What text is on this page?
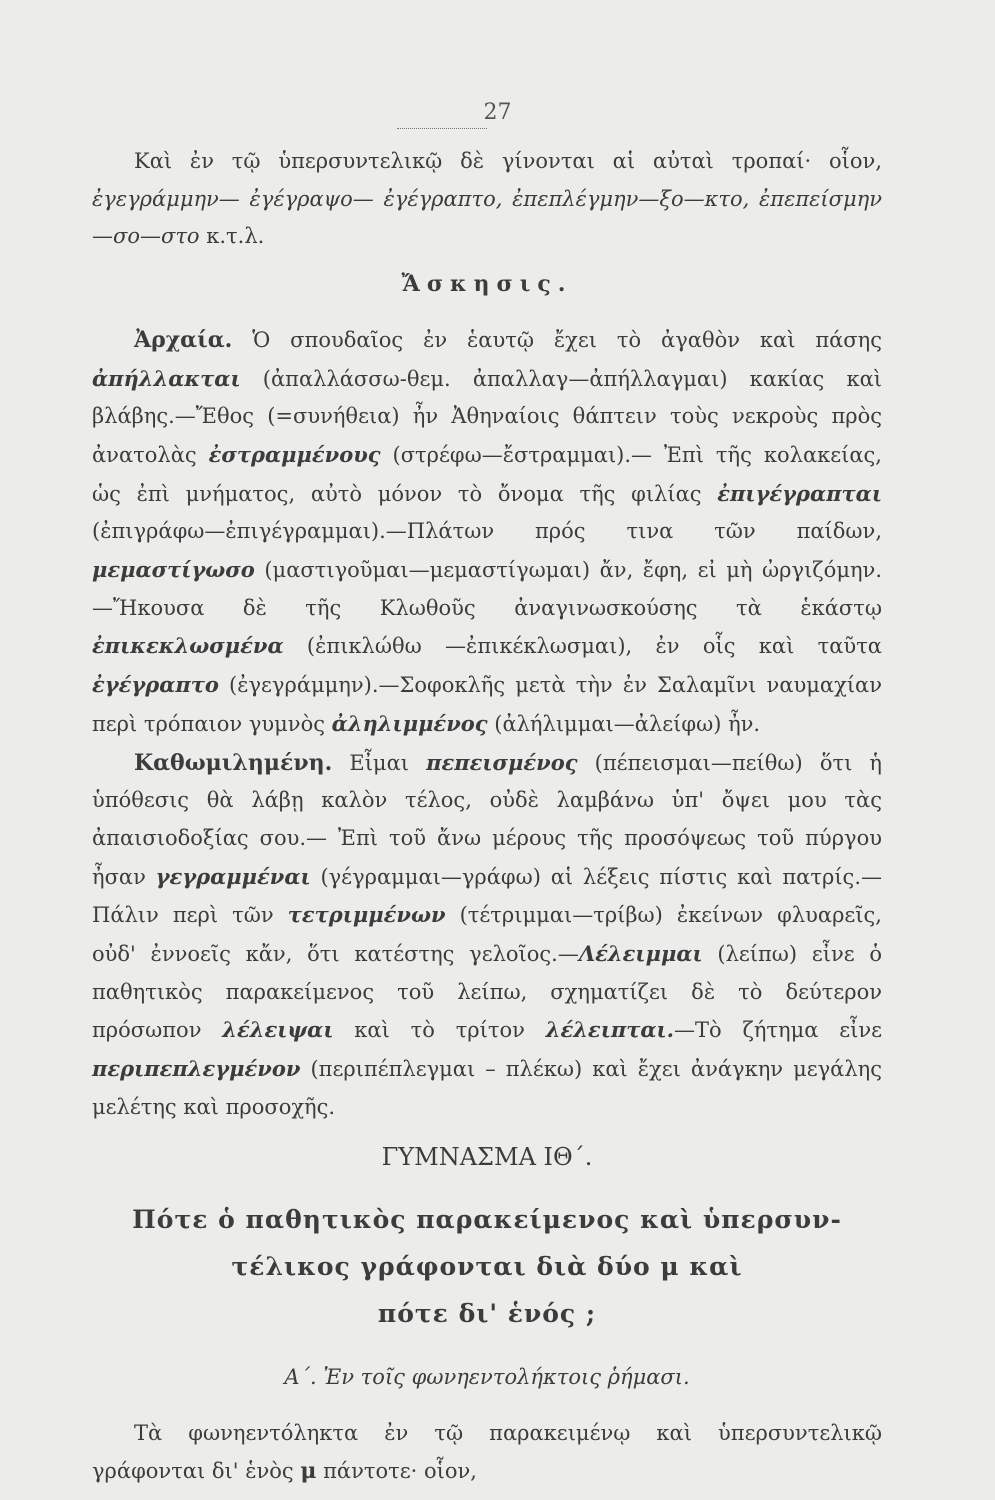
27

Καὶ ἐν τῷ ὑπερσυντελικῷ δὲ γίνονται αἱ αὐταὶ τροπαί· οἷον, ἐγεγράμμην— ἐγέγραψο— ἐγέγραπτο, ἐπεπλέγμην—ξο—κτο, ἐπεπείσμην —σο—στο κ.τ.λ.

Ἄσκησις.

Ἀρχαία. Ὁ σπουδαῖος ἐν ἑαυτῷ ἔχει τὸ ἀγαθὸν καὶ πάσης ἀπήλλακται (ἀπαλλάσσω-θεμ. ἀπαλλαγ—ἀπήλλαγμαι) κακίας καὶ βλάβης.—Ἔθος (=συνήθεια) ἦν Ἀθηναίοις θάπτειν τοὺς νεκροὺς πρὸς ἀνατολὰς ἐστραμμένους (στρέφω—ἔστραμμαι).— Ἐπὶ τῆς κολακείας, ὡς ἐπὶ μνήματος, αὐτὸ μόνον τὸ ὄνομα τῆς φιλίας ἐπιγέγραπται (ἐπιγράφω—ἐπιγέγραμμαι).—Πλάτων πρός τινα τῶν παίδων, μεμαστίγωσο (μαστιγοῦμαι—μεμαστίγωμαι) ἄν, ἔφη, εἰ μὴ ὠργιζόμην.—Ἤκουσα δὲ τῆς Κλωθοῦς ἀναγινωσκούσης τὰ ἑκάστῳ ἐπικεκλωσμένα (ἐπικλώθω —ἐπικέκλωσμαι), ἐν οἷς καὶ ταῦτα ἐγέγραπτο (ἐγεγράμμην).—Σοφοκλῆς μετὰ τὴν ἐν Σαλαμῖνι ναυμαχίαν περὶ τρόπαιον γυμνὸς ἀληλιμμένος (ἀλήλιμμαι—ἀλείφω) ἦν.

Καθωμιλημένη. Εἶμαι πεπεισμένος (πέπεισμαι—πείθω) ὅτι ἡ ὑπόθεσις θὰ λάβῃ καλὸν τέλος, οὐδὲ λαμβάνω ὑπ' ὄψει μου τὰς ἀπαισιοδοξίας σου.— Ἐπὶ τοῦ ἄνω μέρους τῆς προσόψεως τοῦ πύργου ἦσαν γεγραμμέναι (γέγραμμαι—γράφω) αἱ λέξεις πίστις καὶ πατρίς.—Πάλιν περὶ τῶν τετριμμένων (τέτριμμαι—τρίβω) ἐκείνων φλυαρεῖς, οὐδ' ἐννοεῖς κἄν, ὅτι κατέστης γελοῖος.—Λέλειμμαι (λείπω) εἶνε ὁ παθητικὸς παρακείμενος τοῦ λείπω, σχηματίζει δὲ τὸ δεύτερον πρόσωπον λέλειψαι καὶ τὸ τρίτον λέλειπται.—Τὸ ζήτημα εἶνε περιπεπλεγμένον (περιπέπλεγμαι – πλέκω) καὶ ἔχει ἀνάγκην μεγάλης μελέτης καὶ προσοχῆς.

ΓΥΜΝΑΣΜΑ ΙΘ΄.

Πότε ὁ παθητικὸς παρακείμενος καὶ ὑπερσυν-
τέλικος γράφονται διὰ δύο μ καὶ
πότε δι' ἑνός ;

Α΄. Ἐν τοῖς φωνηεντολήκτοις ῥήμασι.

Τὰ φωνηεντόληκτα ἐν τῷ παρακειμένῳ καὶ ὑπερσυντελικῷ γράφονται δι' ἑνὸς μ πάντοτε· οἷον,
